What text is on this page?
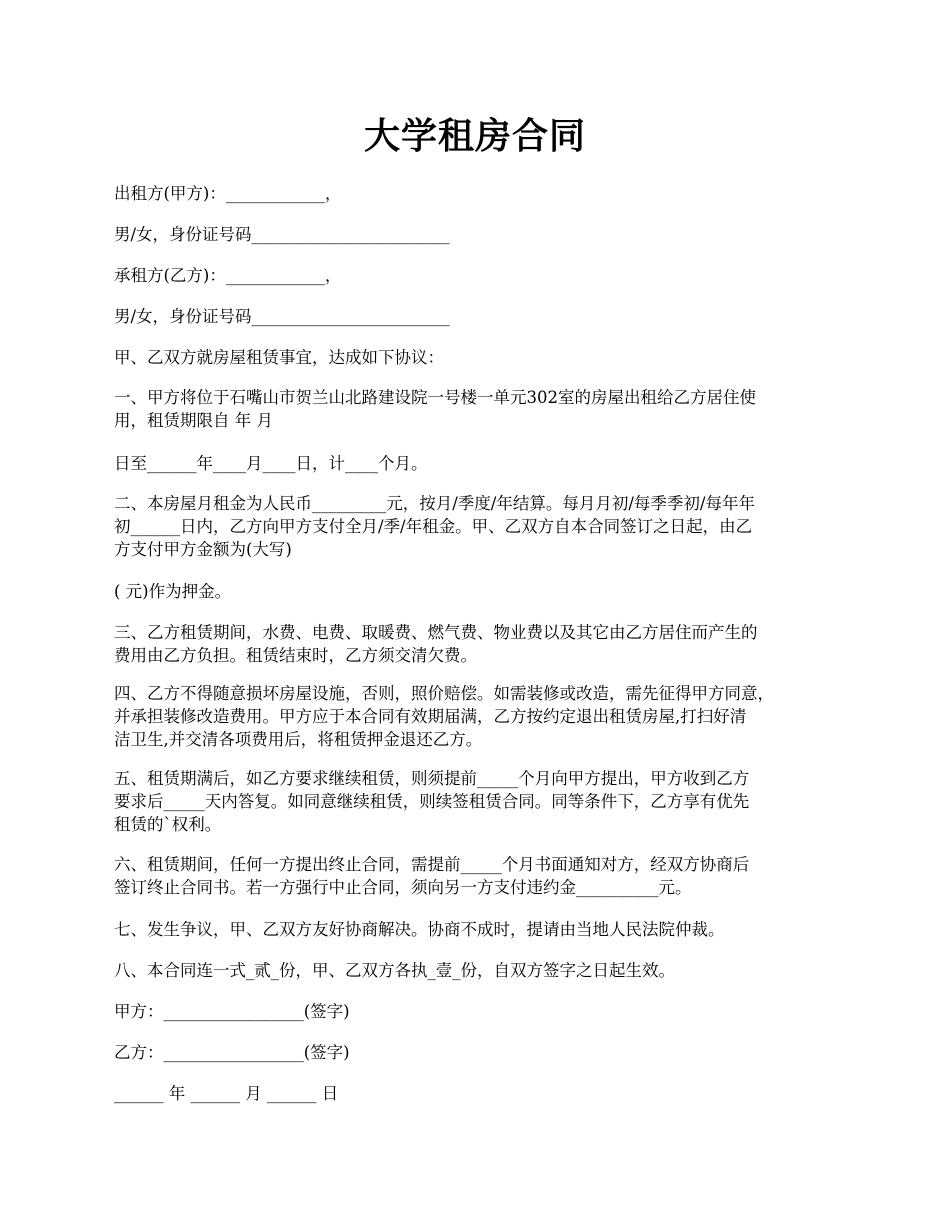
大学租房合同
出租方(甲方)：____________，
男/女，身份证号码________________________
承租方(乙方)：____________，
男/女，身份证号码________________________
甲、乙双方就房屋租赁事宜，达成如下协议：
一、甲方将位于石嘴山市贺兰山北路建设院一号楼一单元302室的房屋出租给乙方居住使
用，租赁期限自 年 月
日至______年____月____日，计____个月。
二、本房屋月租金为人民币_________元，按月/季度/年结算。每月月初/每季季初/每年年
初______日内，乙方向甲方支付全月/季/年租金。甲、乙双方自本合同签订之日起，由乙
方支付甲方金额为(大写)
( 元)作为押金。
三、乙方租赁期间，水费、电费、取暖费、燃气费、物业费以及其它由乙方居住而产生的
费用由乙方负担。租赁结束时，乙方须交清欠费。
四、乙方不得随意损坏房屋设施，否则，照价赔偿。如需装修或改造，需先征得甲方同意，
并承担装修改造费用。甲方应于本合同有效期届满，乙方按约定退出租赁房屋,打扫好清
洁卫生,并交清各项费用后，将租赁押金退还乙方。
五、租赁期满后，如乙方要求继续租赁，则须提前_____个月向甲方提出，甲方收到乙方
要求后_____天内答复。如同意继续租赁，则续签租赁合同。同等条件下，乙方享有优先
租赁的`权利。
六、租赁期间，任何一方提出终止合同，需提前_____个月书面通知对方，经双方协商后
签订终止合同书。若一方强行中止合同，须向另一方支付违约金__________元。
七、发生争议，甲、乙双方友好协商解决。协商不成时，提请由当地人民法院仲裁。
八、本合同连一式_贰_份，甲、乙双方各执_壹_份，自双方签字之日起生效。
甲方：_________________(签字)
乙方：_________________(签字)
______ 年 ______ 月 ______ 日
